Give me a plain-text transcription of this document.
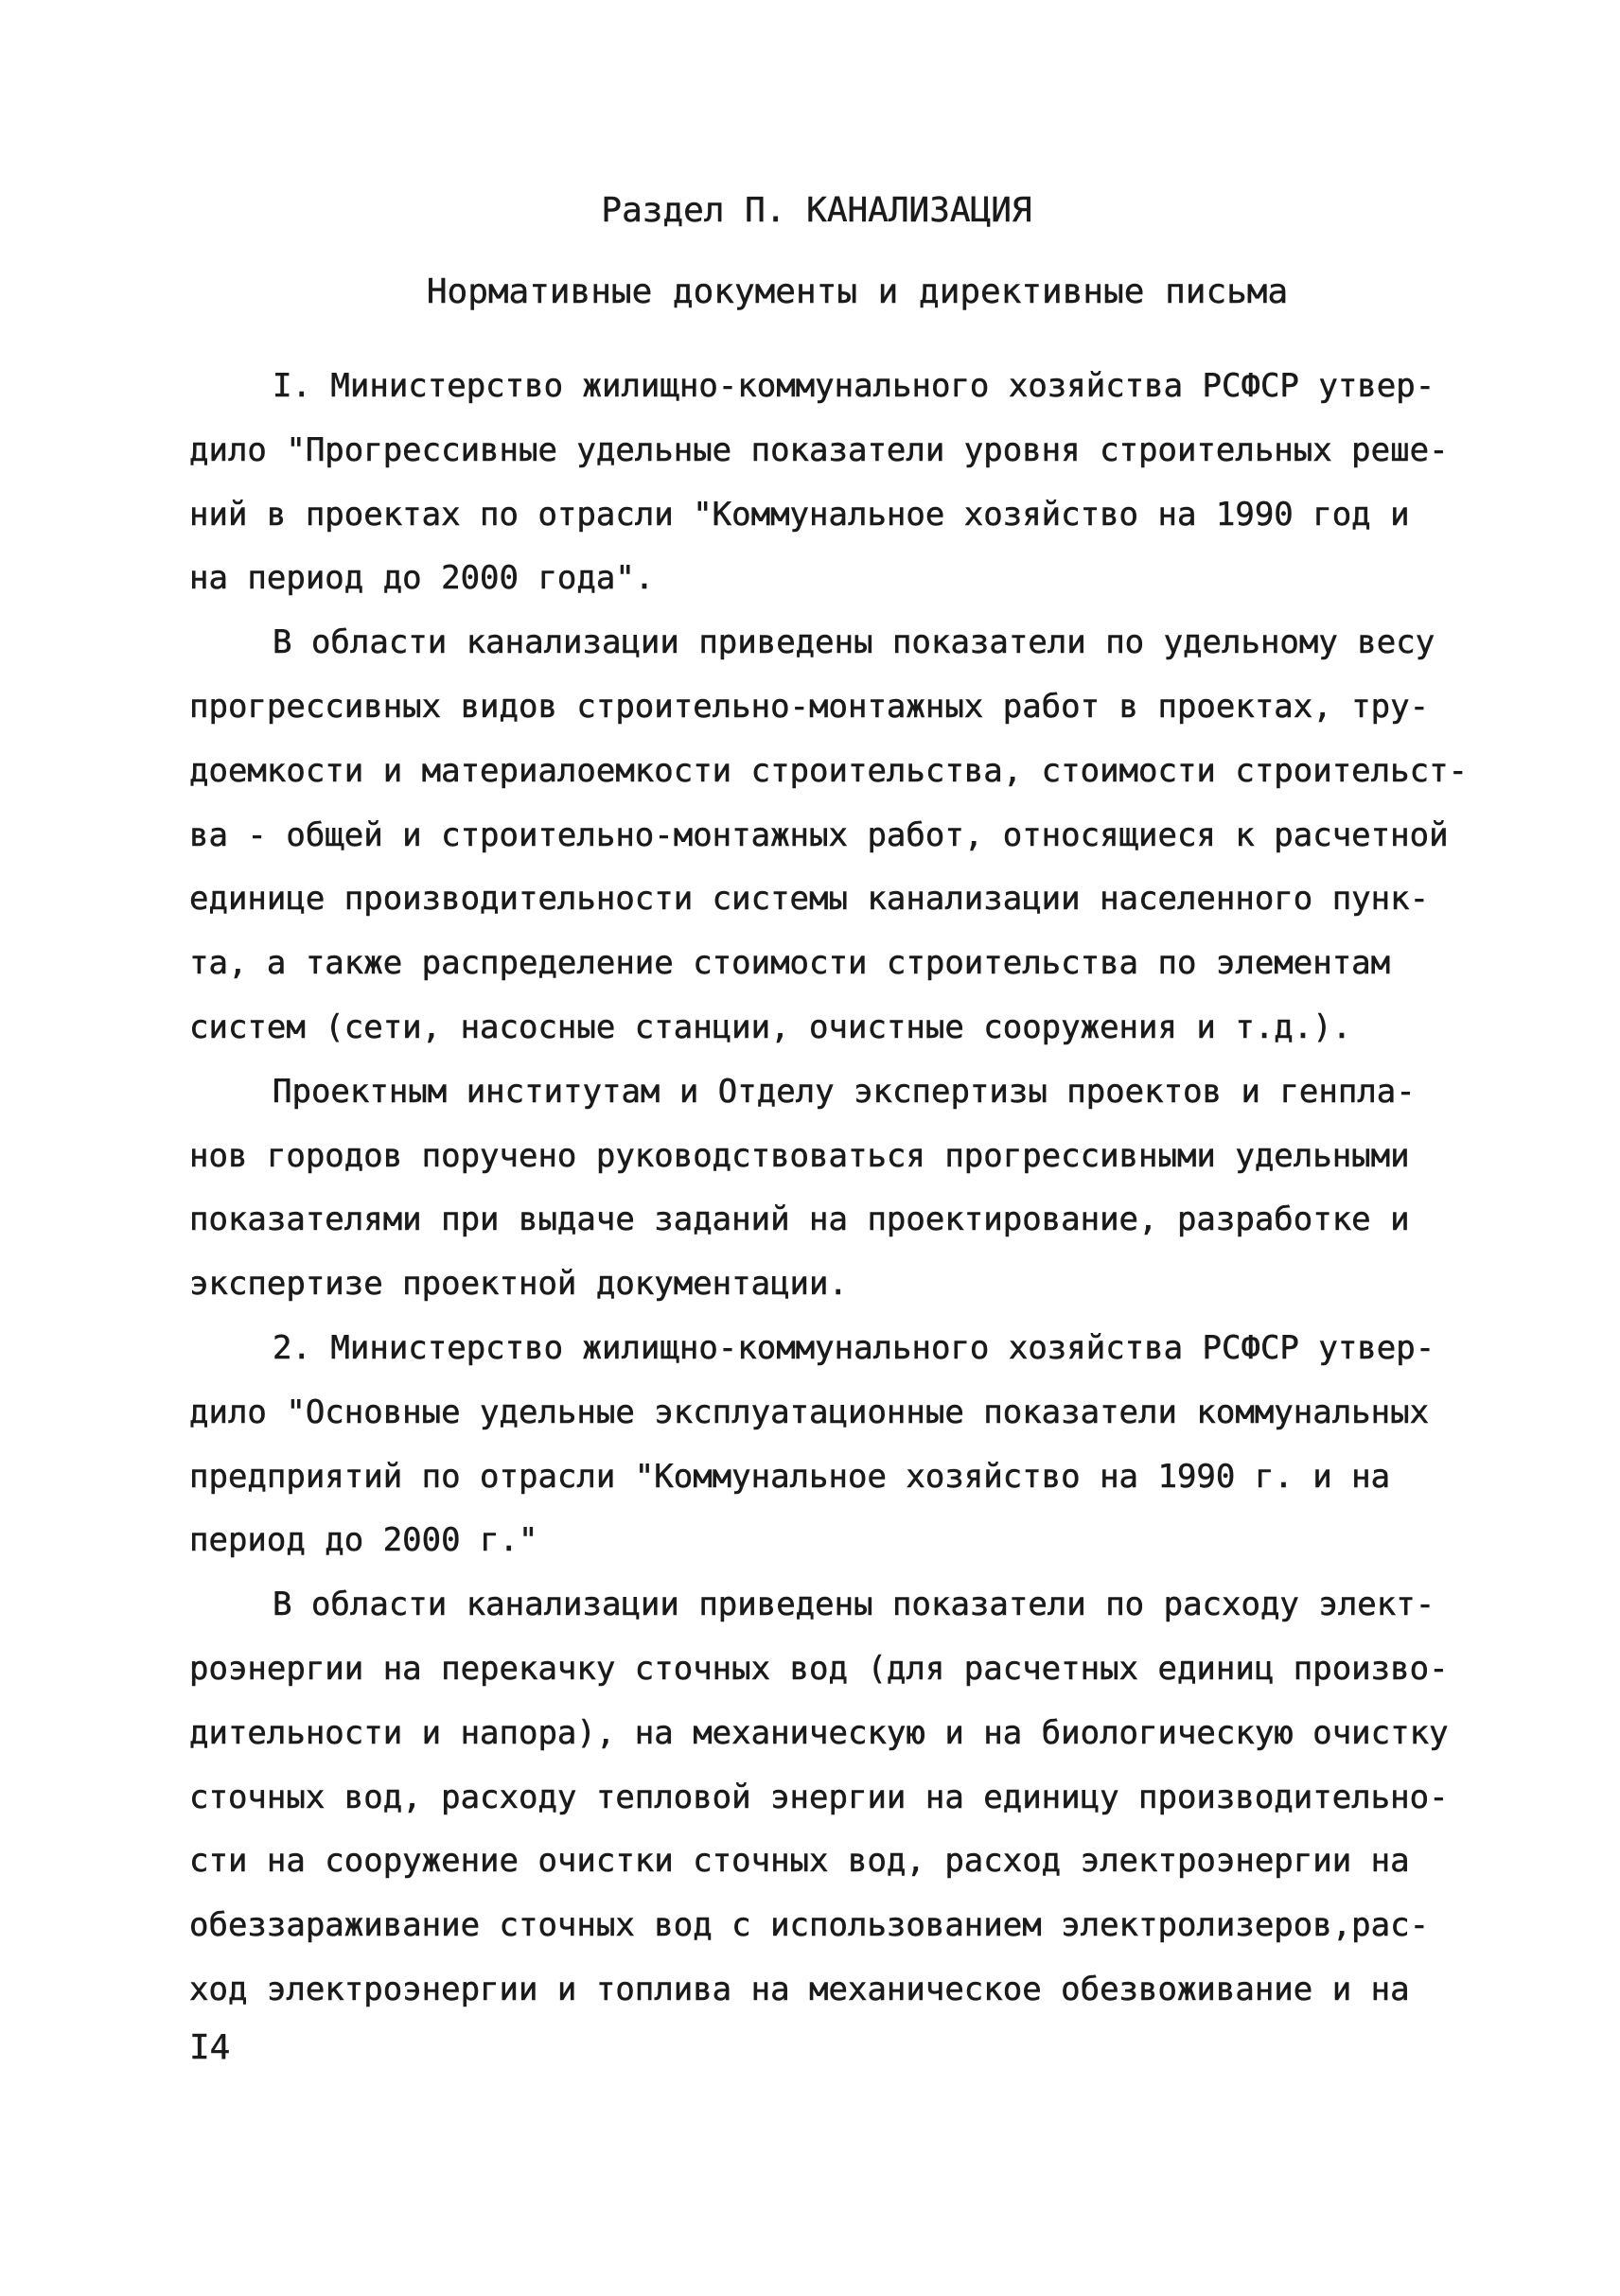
Раздел П. КАНАЛИЗАЦИЯ
Нормативные документы и директивные письма
I. Министерство жилищно-коммунального хозяйства РСФСР утвер-
дило "Прогрессивные удельные показатели уровня строительных реше-
ний в проектах по отрасли "Коммунальное хозяйство на 1990 год и
на период до 2000 года".
В области канализации приведены показатели по удельному весу
прогрессивных видов строительно-монтажных работ в проектах, тру-
доемкости и материалоемкости строительства, стоимости строительст-
ва - общей и строительно-монтажных работ, относящиеся к расчетной
единице производительности системы канализации населенного пунк-
та, а также распределение стоимости строительства по элементам
систем (сети, насосные станции, очистные сооружения и т.д.).
Проектным институтам и Отделу экспертизы проектов и генпла-
нов городов поручено руководствоваться прогрессивными удельными
показателями при выдаче заданий на проектирование, разработке и
экспертизе проектной документации.
2. Министерство жилищно-коммунального хозяйства РСФСР утвер-
дило "Основные удельные эксплуатационные показатели коммунальных
предприятий по отрасли "Коммунальное хозяйство на 1990 г. и на
период до 2000 г."
В области канализации приведены показатели по расходу элект-
роэнергии на перекачку сточных вод (для расчетных единиц произво-
дительности и напора), на механическую и на биологическую очистку
сточных вод, расходу тепловой энергии на единицу производительно-
сти на сооружение очистки сточных вод, расход электроэнергии на
обеззараживание сточных вод с использованием электролизеров,рас-
ход электроэнергии и топлива на механическое обезвоживание и на
I4
